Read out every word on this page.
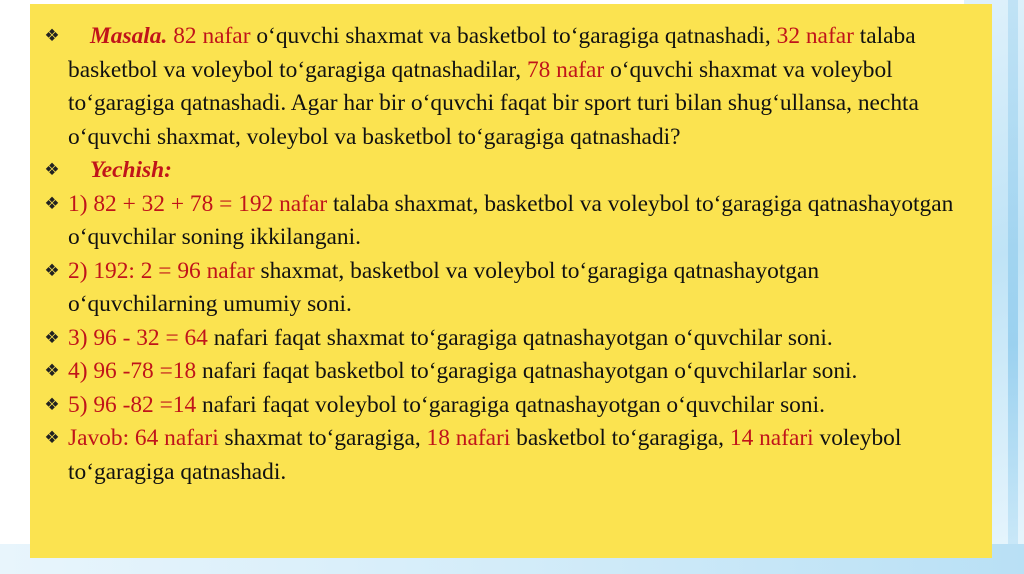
❖	Masala. 82 nafar oʻquvchi shaxmat va basketbol toʻgaragiga qatnashadi, 32 nafar talaba basketbol va voleybol toʻgaragiga qatnashadilar, 78 nafar oʻquvchi shaxmat va voleybol toʻgaragiga qatnashadi. Agar har bir oʻquvchi faqat bir sport turi bilan shugʻullansa, nechta oʻquvchi shaxmat, voleybol va basketbol toʻgaragiga qatnashadi?
❖	Yechish:
❖ 1) 82 + 32 + 78 = 192 nafar talaba shaxmat, basketbol va voleybol toʻgaragiga qatnashayotgan oʻquvchilar soning ikkilangani.
❖ 2) 192: 2 = 96 nafar shaxmat, basketbol va voleybol toʻgaragiga qatnashayotgan oʻquvchilarning umumiy soni.
❖ 3) 96 - 32 = 64 nafari faqat shaxmat toʻgaragiga qatnashayotgan oʻquvchilar soni.
❖ 4) 96 -78 =18 nafari faqat basketbol toʻgaragiga qatnashayotgan oʻquvchilarlar soni.
❖ 5) 96 -82 =14 nafari faqat voleybol toʻgaragiga qatnashayotgan oʻquvchilar soni.
❖ Javob: 64 nafari shaxmat toʻgaragiga, 18 nafari basketbol toʻgaragiga, 14 nafari voleybol toʻgaragiga qatnashadi.
